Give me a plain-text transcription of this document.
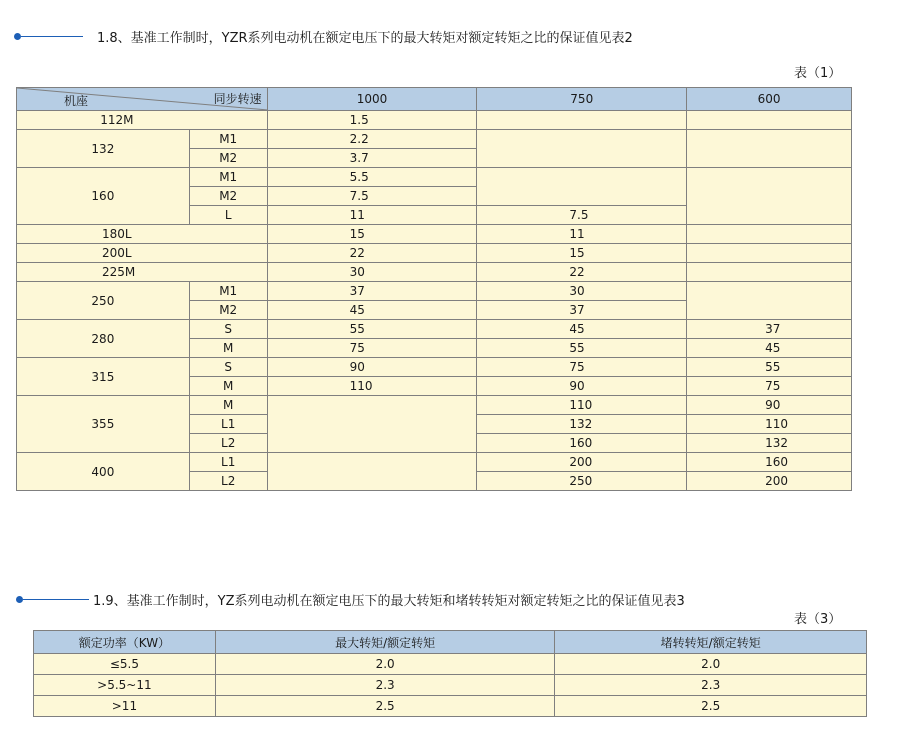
1.8、基准工作制时，YZR系列电动机在额定电压下的最大转矩对额定转矩之比的保证值见表2
表（1）
机座 同步转速		1000	750	600
112M		1.5		
132	M1	2.2		
	M2	3.7		
160	M1	5.5		
	M2	7.5		
	L	11	7.5	
180L		15	11	
200L		22	15	
225M		30	22	
250	M1	37	30	
	M2	45	37	
280	S	55	45	37
	M	75	55	45
315	S	90	75	55
	M	110	90	75
355	M		110	90
	L1		132	110
	L2		160	132
400	L1		200	160
	L2		250	200
1.9、基准工作制时，YZ系列电动机在额定电压下的最大转矩和堵转转矩对额定转矩之比的保证值见表3
表（3）
额定功率（KW）	最大转矩/额定转矩	堵转转矩/额定转矩
≤5.5	2.0	2.0
>5.5~11	2.3	2.3
>11	2.5	2.5
